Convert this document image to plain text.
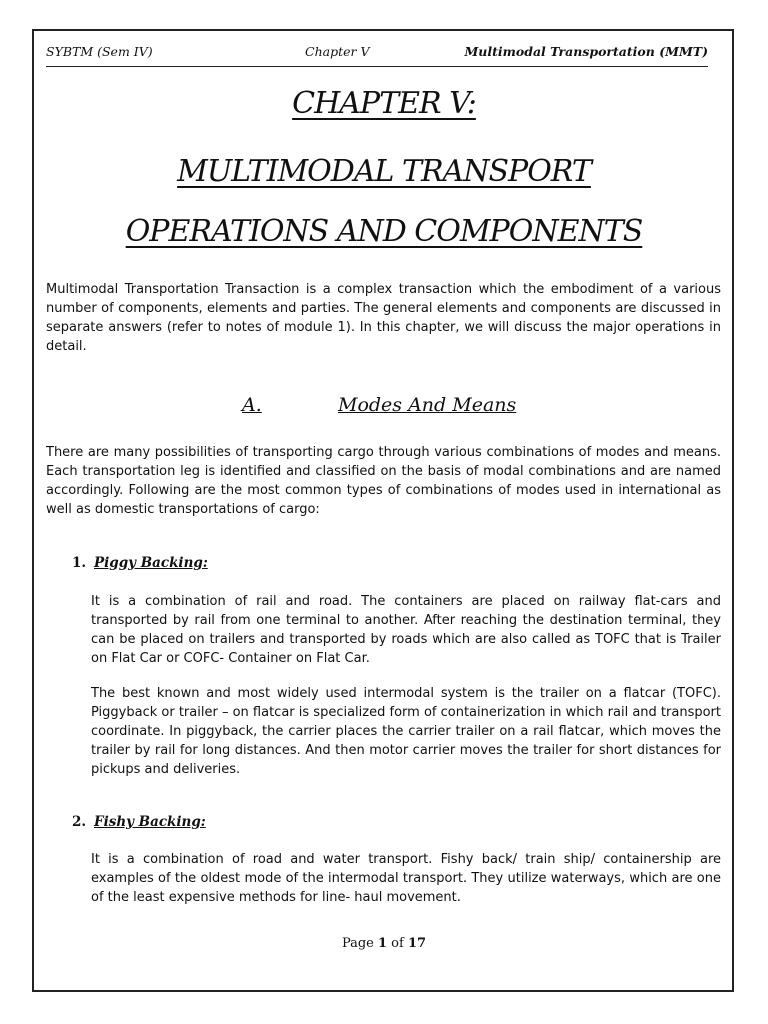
SYBTM (Sem IV)	Chapter V	Multimodal Transportation (MMT)
CHAPTER V:
MULTIMODAL TRANSPORT
OPERATIONS AND COMPONENTS
Multimodal Transportation Transaction is a complex transaction which the embodiment of a various number of components, elements and parties. The general elements and components are discussed in separate answers (refer to notes of module 1). In this chapter, we will discuss the major operations in detail.
A.	Modes And Means
There are many possibilities of transporting cargo through various combinations of modes and means. Each transportation leg is identified and classified on the basis of modal combinations and are named accordingly. Following are the most common types of combinations of modes used in international as well as domestic transportations of cargo:
1. Piggy Backing:
It is a combination of rail and road. The containers are placed on railway flat-cars and transported by rail from one terminal to another. After reaching the destination terminal, they can be placed on trailers and transported by roads which are also called as TOFC that is Trailer on Flat Car or COFC- Container on Flat Car.
The best known and most widely used intermodal system is the trailer on a flatcar (TOFC). Piggyback or trailer – on flatcar is specialized form of containerization in which rail and transport coordinate. In piggyback, the carrier places the carrier trailer on a rail flatcar, which moves the trailer by rail for long distances. And then motor carrier moves the trailer for short distances for pickups and deliveries.
2. Fishy Backing:
It is a combination of road and water transport. Fishy back/ train ship/ containership are examples of the oldest mode of the intermodal transport. They utilize waterways, which are one of the least expensive methods for line- haul movement.
Page 1 of 17
